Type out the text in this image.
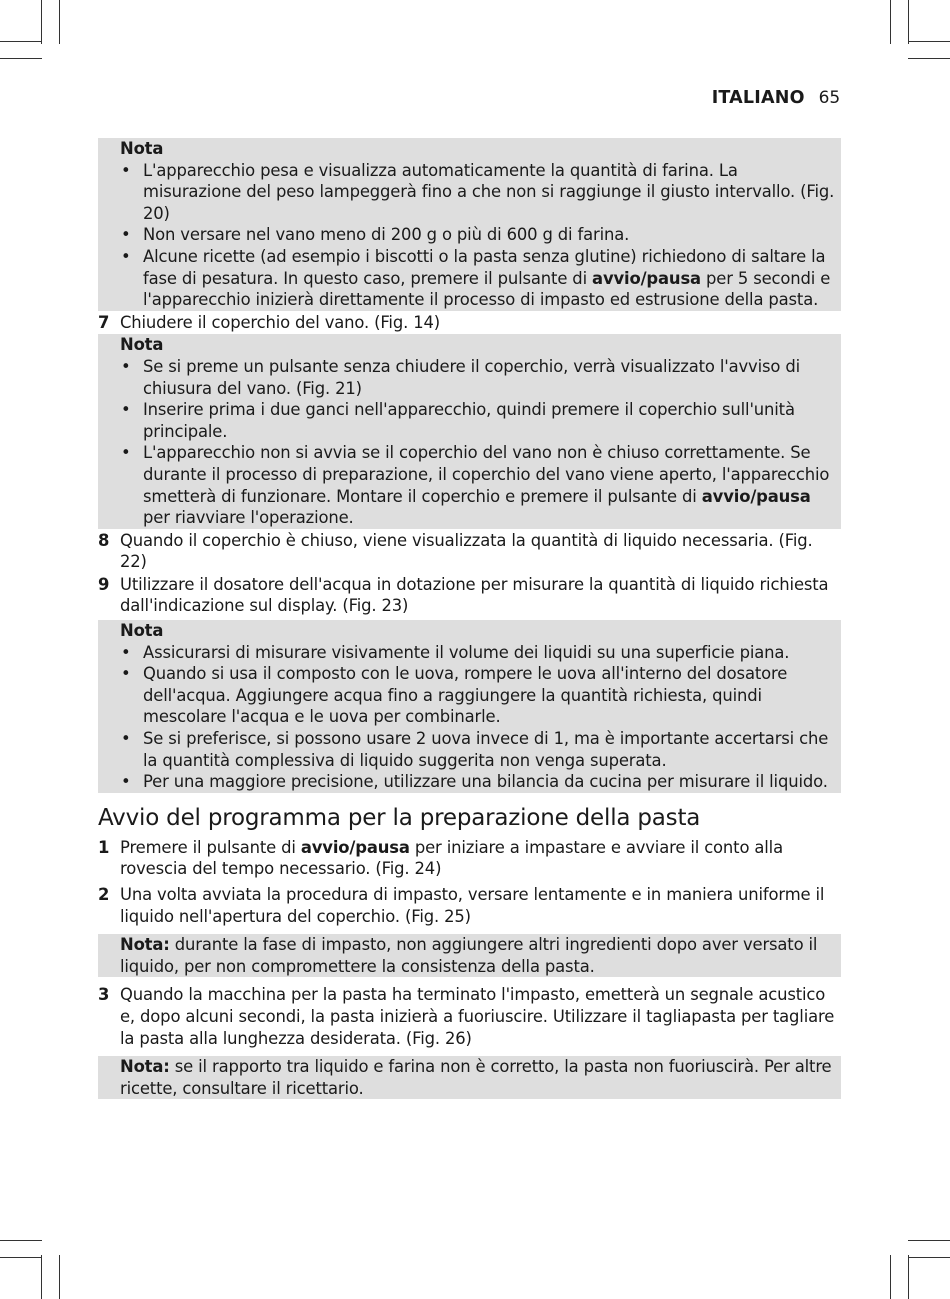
ITALIANO 65
Nota
• L'apparecchio pesa e visualizza automaticamente la quantità di farina. La misurazione del peso lampeggerà fino a che non si raggiunge il giusto intervallo. (Fig. 20)
• Non versare nel vano meno di 200 g o più di 600 g di farina.
• Alcune ricette (ad esempio i biscotti o la pasta senza glutine) richiedono di saltare la fase di pesatura. In questo caso, premere il pulsante di avvio/pausa per 5 secondi e l'apparecchio inizierà direttamente il processo di impasto ed estrusione della pasta.
7 Chiudere il coperchio del vano. (Fig. 14)
Nota
• Se si preme un pulsante senza chiudere il coperchio, verrà visualizzato l'avviso di chiusura del vano. (Fig. 21)
• Inserire prima i due ganci nell'apparecchio, quindi premere il coperchio sull'unità principale.
• L'apparecchio non si avvia se il coperchio del vano non è chiuso correttamente. Se durante il processo di preparazione, il coperchio del vano viene aperto, l'apparecchio smetterà di funzionare. Montare il coperchio e premere il pulsante di avvio/pausa per riavviare l'operazione.
8 Quando il coperchio è chiuso, viene visualizzata la quantità di liquido necessaria. (Fig. 22)
9 Utilizzare il dosatore dell'acqua in dotazione per misurare la quantità di liquido richiesta dall'indicazione sul display. (Fig. 23)
Nota
• Assicurarsi di misurare visivamente il volume dei liquidi su una superficie piana.
• Quando si usa il composto con le uova, rompere le uova all'interno del dosatore dell'acqua. Aggiungere acqua fino a raggiungere la quantità richiesta, quindi mescolare l'acqua e le uova per combinarle.
• Se si preferisce, si possono usare 2 uova invece di 1, ma è importante accertarsi che la quantità complessiva di liquido suggerita non venga superata.
• Per una maggiore precisione, utilizzare una bilancia da cucina per misurare il liquido.
Avvio del programma per la preparazione della pasta
1 Premere il pulsante di avvio/pausa per iniziare a impastare e avviare il conto alla rovescia del tempo necessario. (Fig. 24)
2 Una volta avviata la procedura di impasto, versare lentamente e in maniera uniforme il liquido nell'apertura del coperchio. (Fig. 25)
Nota: durante la fase di impasto, non aggiungere altri ingredienti dopo aver versato il liquido, per non compromettere la consistenza della pasta.
3 Quando la macchina per la pasta ha terminato l'impasto, emetterà un segnale acustico e, dopo alcuni secondi, la pasta inizierà a fuoriuscire. Utilizzare il tagliapasta per tagliare la pasta alla lunghezza desiderata. (Fig. 26)
Nota: se il rapporto tra liquido e farina non è corretto, la pasta non fuoriuscirà. Per altre ricette, consultare il ricettario.
